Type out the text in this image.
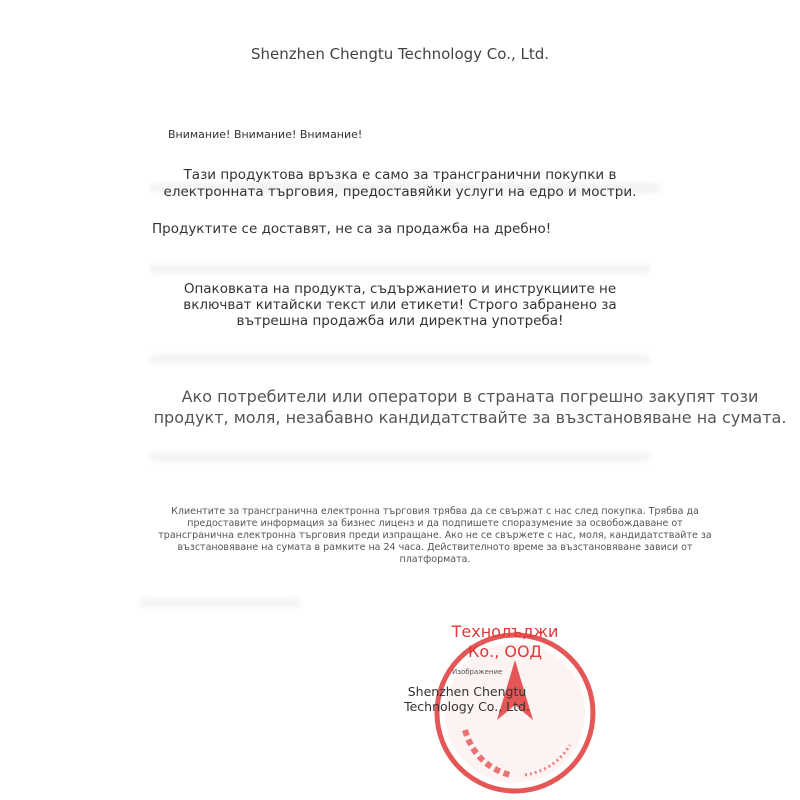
Shenzhen Chengtu Technology Co., Ltd.

Внимание! Внимание! Внимание!

Тази продуктова връзка е само за трансгранични покупки в електронната търговия, предоставяйки услуги на едро и мостри.

Продуктите се доставят, не са за продажба на дребно!

Опаковката на продукта, съдържанието и инструкциите не включват китайски текст или етикети! Строго забранено за вътрешна продажба или директна употреба!

Ако потребители или оператори в страната погрешно закупят този продукт, моля, незабавно кандидатствайте за възстановяване на сумата.

Клиентите за трансгранична електронна търговия трябва да се свържат с нас след покупка. Трябва да предоставите информация за бизнес лиценз и да подпишете споразумение за освобождаване от трансгранична електронна търговия преди изпращане. Ако не се свържете с нас, моля, кандидатствайте за възстановяване на сумата в рамките на 24 часа. Действителното време за възстановяване зависи от платформата.

Технолъджи Ко., ООД

Изображение

Shenzhen Chengtu Technology Co., Ltd.
